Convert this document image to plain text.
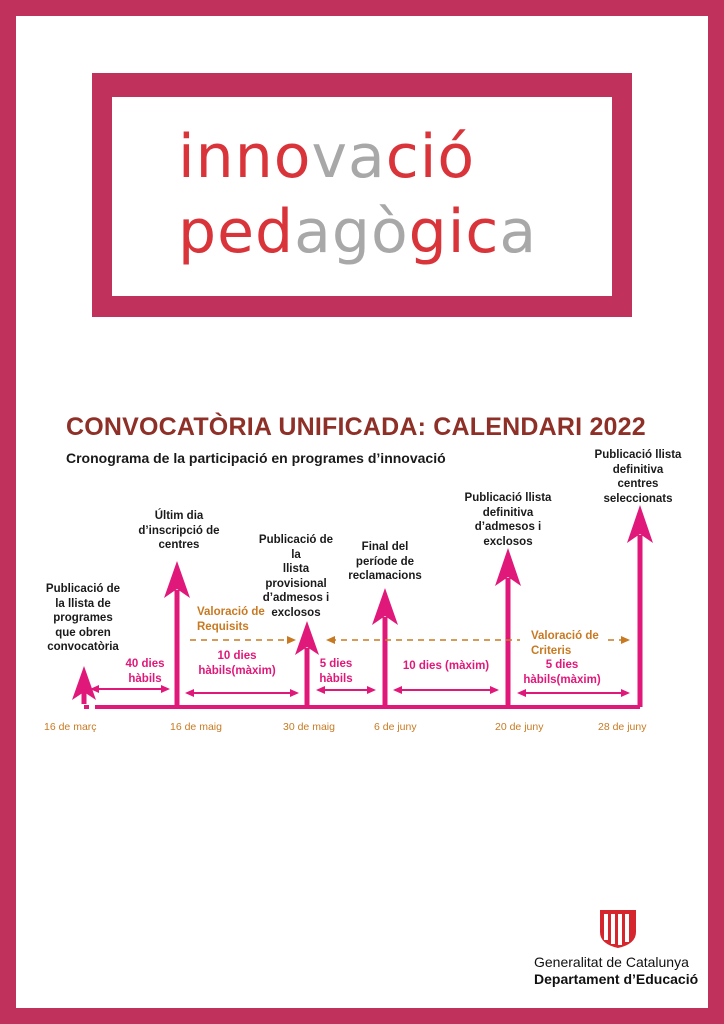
innovació
pedagògica
CONVOCATÒRIA UNIFICADA: CALENDARI 2022

Cronograma de la participació en programes d’innovació

Publicació de
la llista de
programes
que obren
convocatòria
Últim dia
d’inscripció de
centres	Publicació de
la
llista
provisional
d’admesos i
exclosos
Final del
període de
reclamacions
Publicació llista
definitiva
d’admesos i
exclosos
Publicació llista
definitiva
centres
seleccionats
40 dies
hàbils
10 dies
hàbils(màxim)
5 dies
hàbils
10 dies (màxim)	5 dies
hàbils(màxim)
Valoració de
Requisits
Valoració de
Criteris
16 de març	16 de maig	30 de maig	6 de juny	20 de juny	28 de juny

Generalitat de Catalunya

Departament d’Educació
